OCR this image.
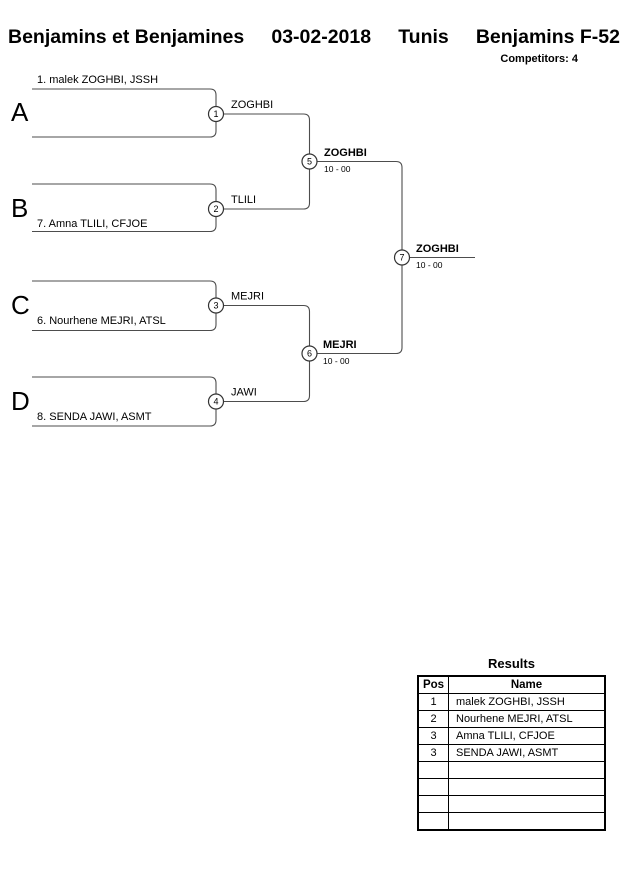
Benjamins et Benjamines 03-02-2018 Tunis Benjamins F-52
Competitors: 4
1
2
3
4
5
6
7
A
B
C
D
1. malek ZOGHBI, JSSH
7. Amna TLILI, CFJOE
6. Nourhene MEJRI, ATSL
8. SENDA JAWI, ASMT
ZOGHBI
TLILI
MEJRI
JAWI
ZOGHBI
10 - 00
MEJRI
10 - 00
ZOGHBI
10 - 00
Results
Pos	Name
1	malek ZOGHBI, JSSH
2	Nourhene MEJRI, ATSL
3	Amna TLILI, CFJOE
3	SENDA JAWI, ASMT
